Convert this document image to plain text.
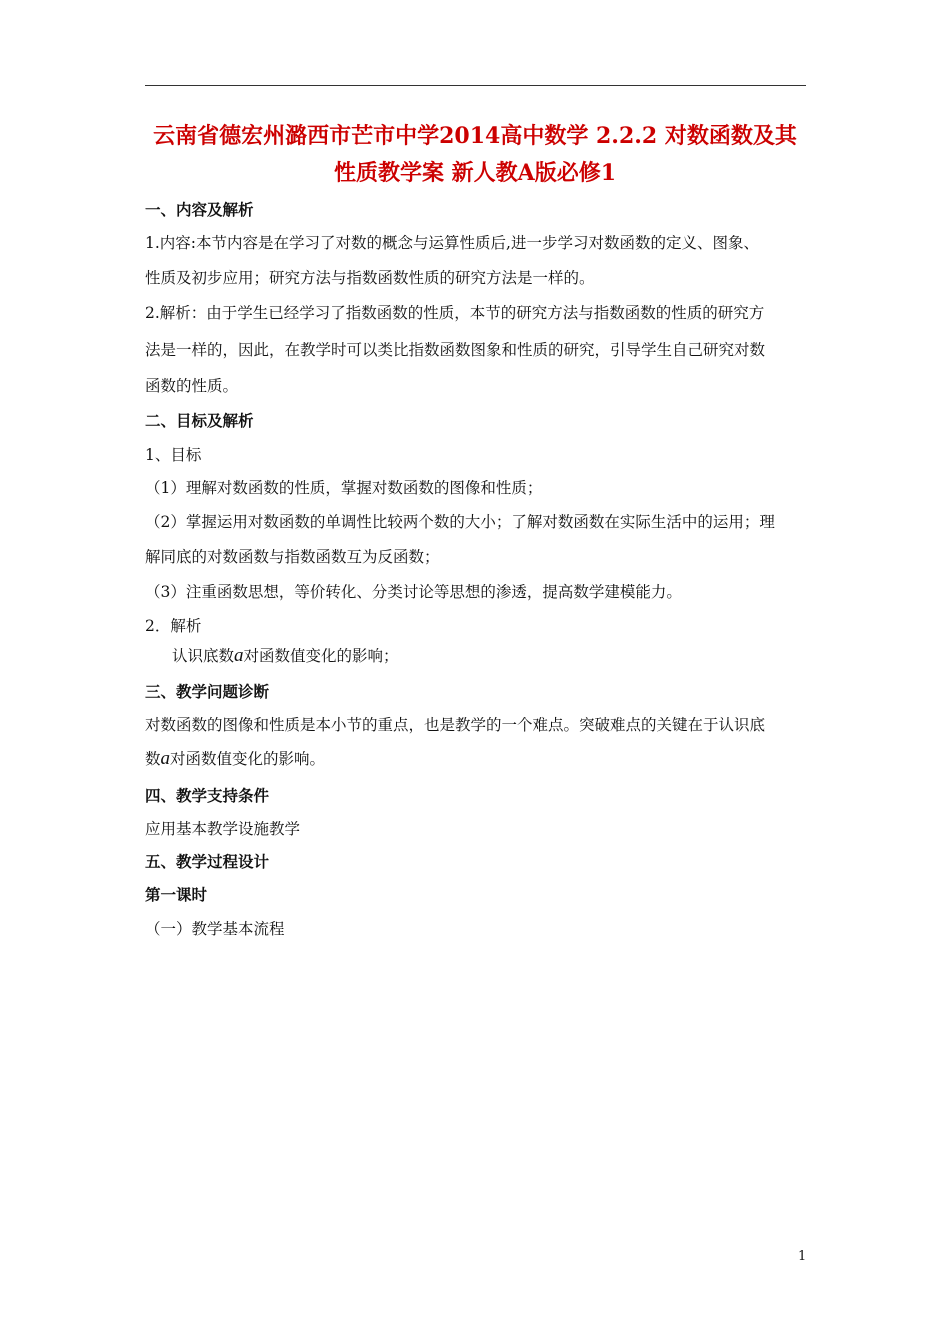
云南省德宏州潞西市芒市中学2014高中数学 2.2.2 对数函数及其
性质教学案 新人教A版必修1
一、内容及解析
1.内容:本节内容是在学习了对数的概念与运算性质后,进一步学习对数函数的定义、图象、
性质及初步应用；研究方法与指数函数性质的研究方法是一样的。
2.解析：由于学生已经学习了指数函数的性质，本节的研究方法与指数函数的性质的研究方
法是一样的，因此，在教学时可以类比指数函数图象和性质的研究，引导学生自己研究对数
函数的性质。
二、目标及解析
1、目标
（1）理解对数函数的性质，掌握对数函数的图像和性质；
（2）掌握运用对数函数的单调性比较两个数的大小；了解对数函数在实际生活中的运用；理
解同底的对数函数与指数函数互为反函数；
（3）注重函数思想，等价转化、分类讨论等思想的渗透，提高数学建模能力。
2．解析
认识底数a对函数值变化的影响；
三、教学问题诊断
对数函数的图像和性质是本小节的重点，也是教学的一个难点。突破难点的关键在于认识底
数a对函数值变化的影响。
四、教学支持条件
应用基本教学设施教学
五、教学过程设计
第一课时
（一）教学基本流程
1
